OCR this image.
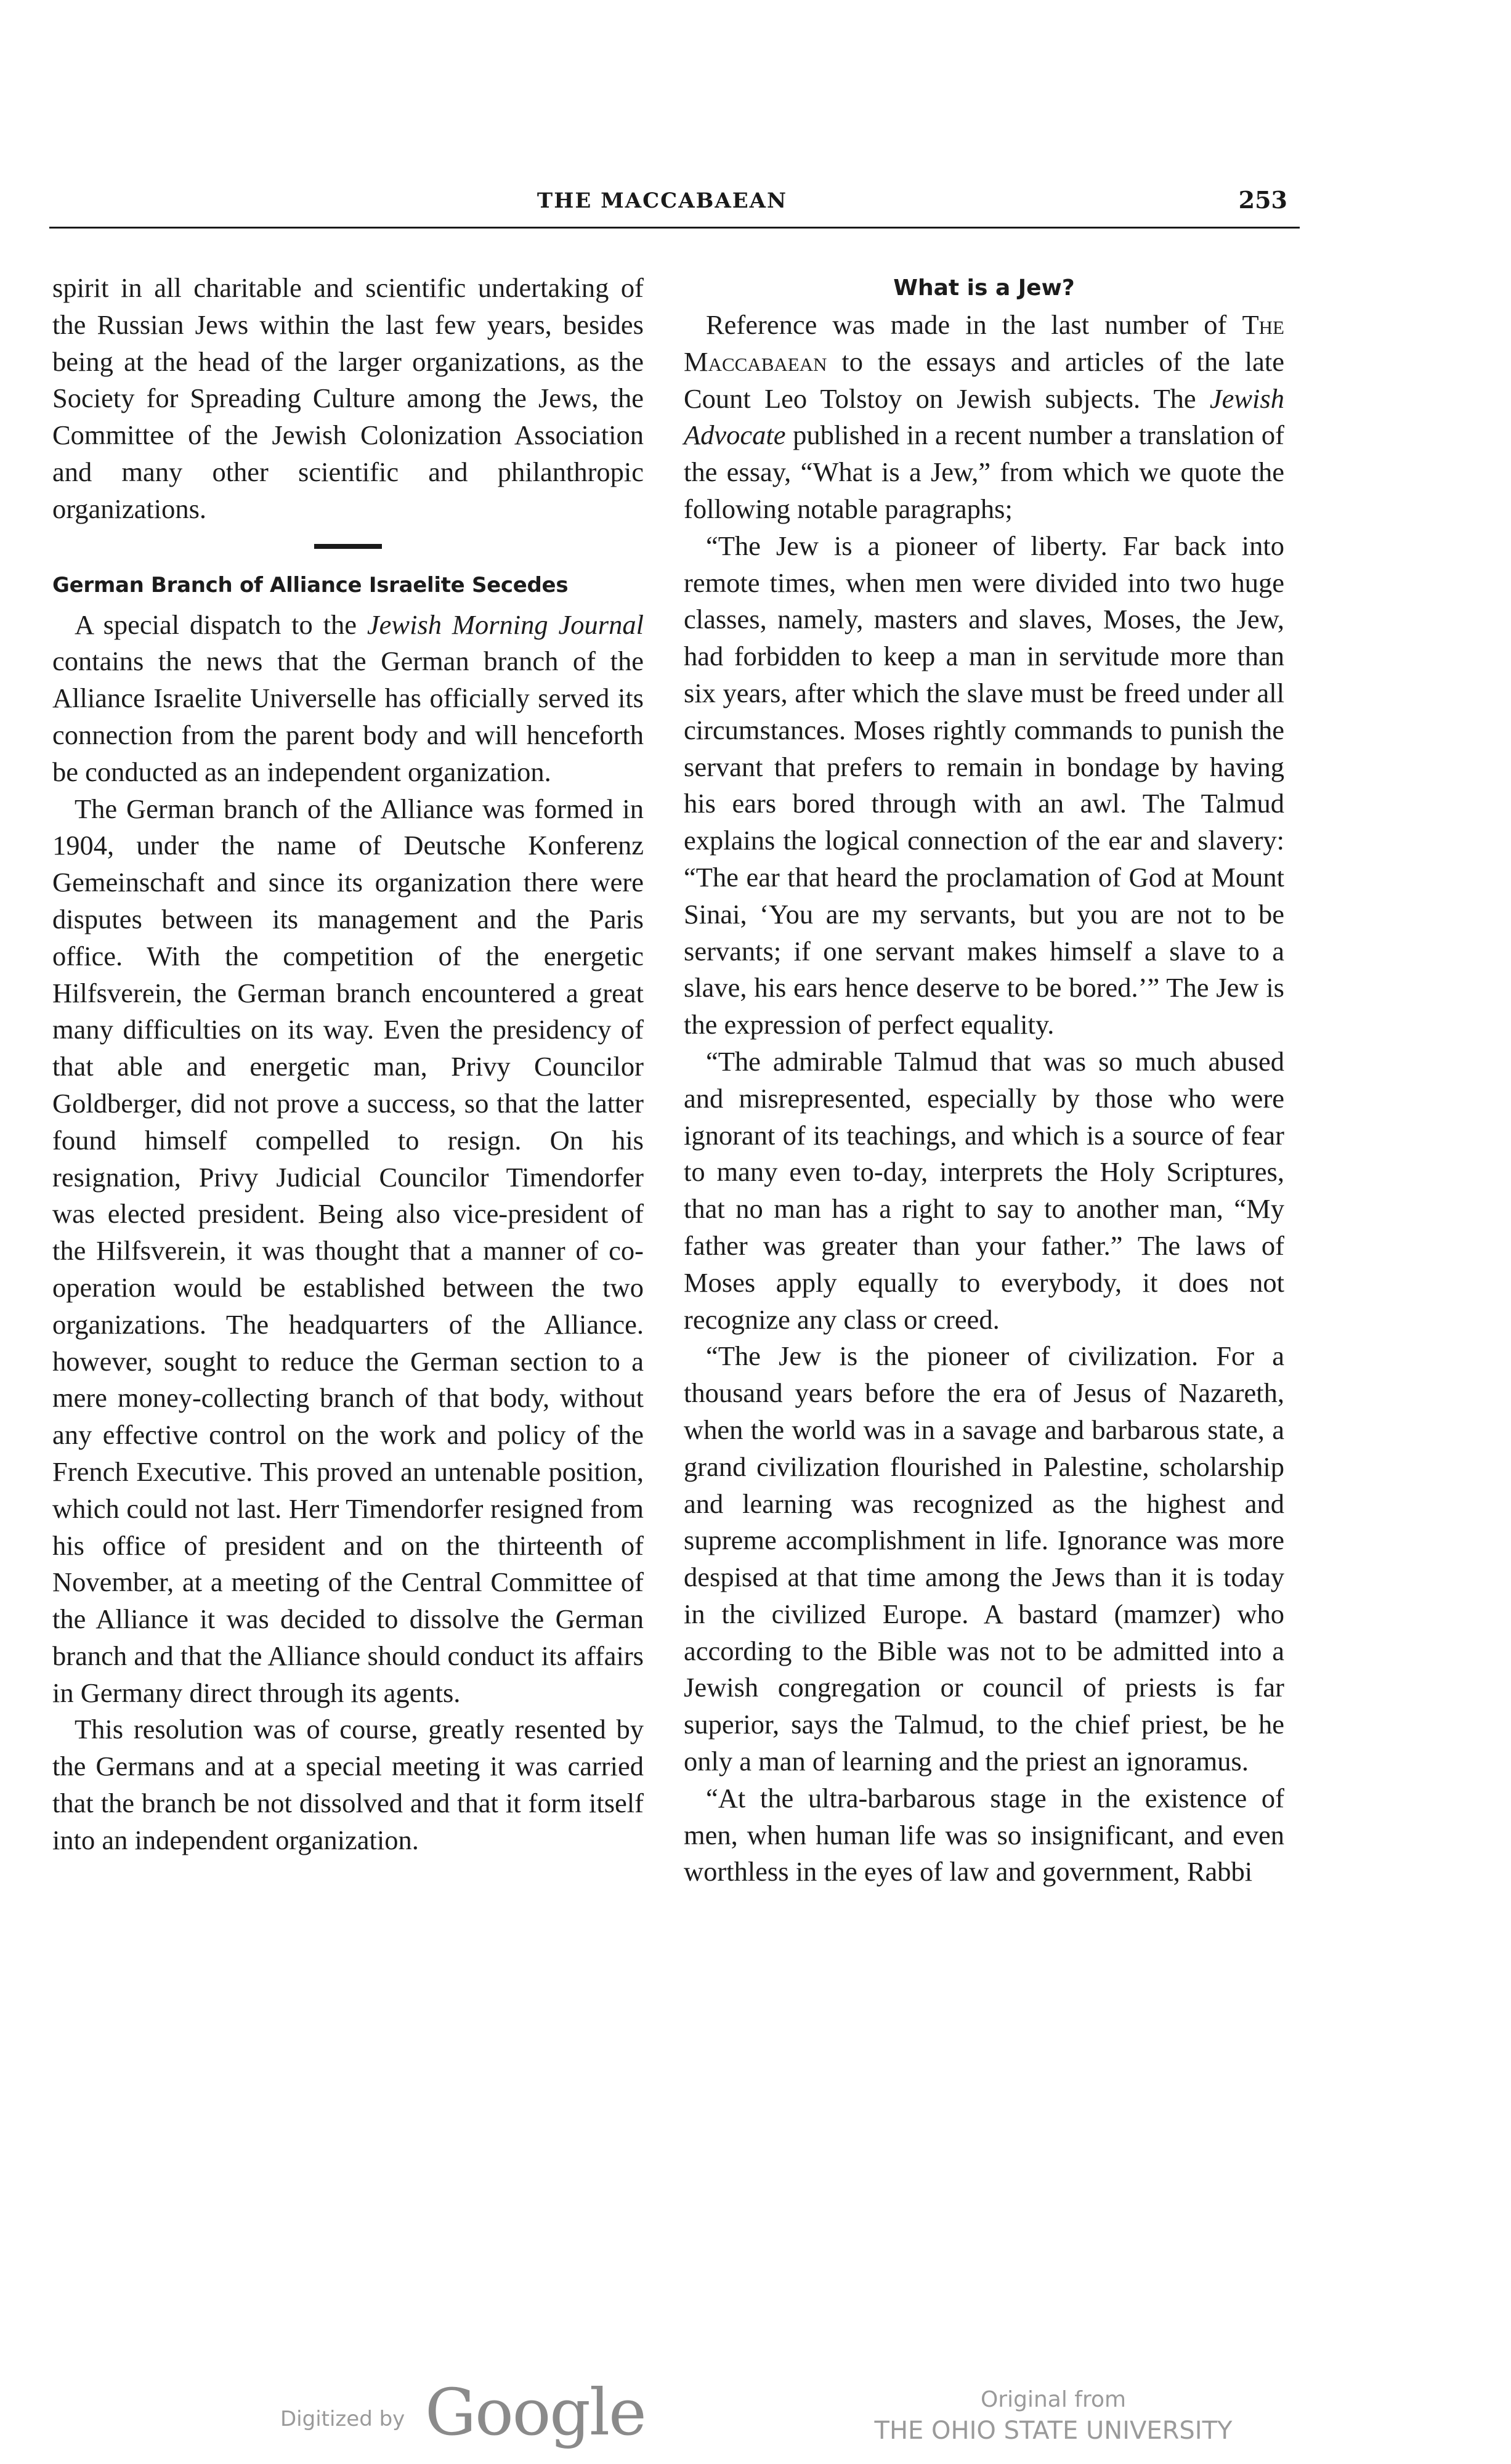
THE MACCABAEAN	253

spirit in all charitable and scientific undertaking of the Russian Jews within the last few years, besides being at the head of the larger organizations, as the Society for Spreading Culture among the Jews, the Committee of the Jewish Colonization Association and many other scientific and philanthropic organizations.

German Branch of Alliance Israelite Secedes

A special dispatch to the Jewish Morning Journal contains the news that the German branch of the Alliance Israelite Universelle has officially served its connection from the parent body and will henceforth be conducted as an independent organization.

The German branch of the Alliance was formed in 1904, under the name of Deutsche Konferenz Gemeinschaft and since its organization there were disputes between its management and the Paris office. With the competition of the energetic Hilfsverein, the German branch encountered a great many difficulties on its way. Even the presidency of that able and energetic man, Privy Councilor Goldberger, did not prove a success, so that the latter found himself compelled to resign. On his resignation, Privy Judicial Councilor Timendorfer was elected president. Being also vice-president of the Hilfsverein, it was thought that a manner of co-operation would be established between the two organizations. The headquarters of the Alliance. however, sought to reduce the German section to a mere money-collecting branch of that body, without any effective control on the work and policy of the French Executive. This proved an untenable position, which could not last. Herr Timendorfer resigned from his office of president and on the thirteenth of November, at a meeting of the Central Committee of the Alliance it was decided to dissolve the German branch and that the Alliance should conduct its affairs in Germany direct through its agents.

This resolution was of course, greatly resented by the Germans and at a special meeting it was carried that the branch be not dissolved and that it form itself into an independent organization.

What is a Jew?

Reference was made in the last number of The Maccabaean to the essays and articles of the late Count Leo Tolstoy on Jewish subjects. The Jewish Advocate published in a recent number a translation of the essay, “What is a Jew,” from which we quote the following notable paragraphs;

“The Jew is a pioneer of liberty. Far back into remote times, when men were divided into two huge classes, namely, masters and slaves, Moses, the Jew, had forbidden to keep a man in servitude more than six years, after which the slave must be freed under all circumstances. Moses rightly commands to punish the servant that prefers to remain in bondage by having his ears bored through with an awl. The Talmud explains the logical connection of the ear and slavery: “The ear that heard the proclamation of God at Mount Sinai, ‘You are my servants, but you are not to be servants; if one servant makes himself a slave to a slave, his ears hence deserve to be bored.’” The Jew is the expression of perfect equality.

“The admirable Talmud that was so much abused and misrepresented, especially by those who were ignorant of its teachings, and which is a source of fear to many even to-day, interprets the Holy Scriptures, that no man has a right to say to another man, “My father was greater than your father.” The laws of Moses apply equally to everybody, it does not recognize any class or creed.

“The Jew is the pioneer of civilization. For a thousand years before the era of Jesus of Nazareth, when the world was in a savage and barbarous state, a grand civilization flourished in Palestine, scholarship and learning was recognized as the highest and supreme accomplishment in life. Ignorance was more despised at that time among the Jews than it is today in the civilized Europe. A bastard (mamzer) who according to the Bible was not to be admitted into a Jewish congregation or council of priests is far superior, says the Talmud, to the chief priest, be he only a man of learning and the priest an ignoramus.

“At the ultra-barbarous stage in the existence of men, when human life was so insignificant, and even worthless in the eyes of law and government, Rabbi

Digitized by Google	Original from
THE OHIO STATE UNIVERSITY
